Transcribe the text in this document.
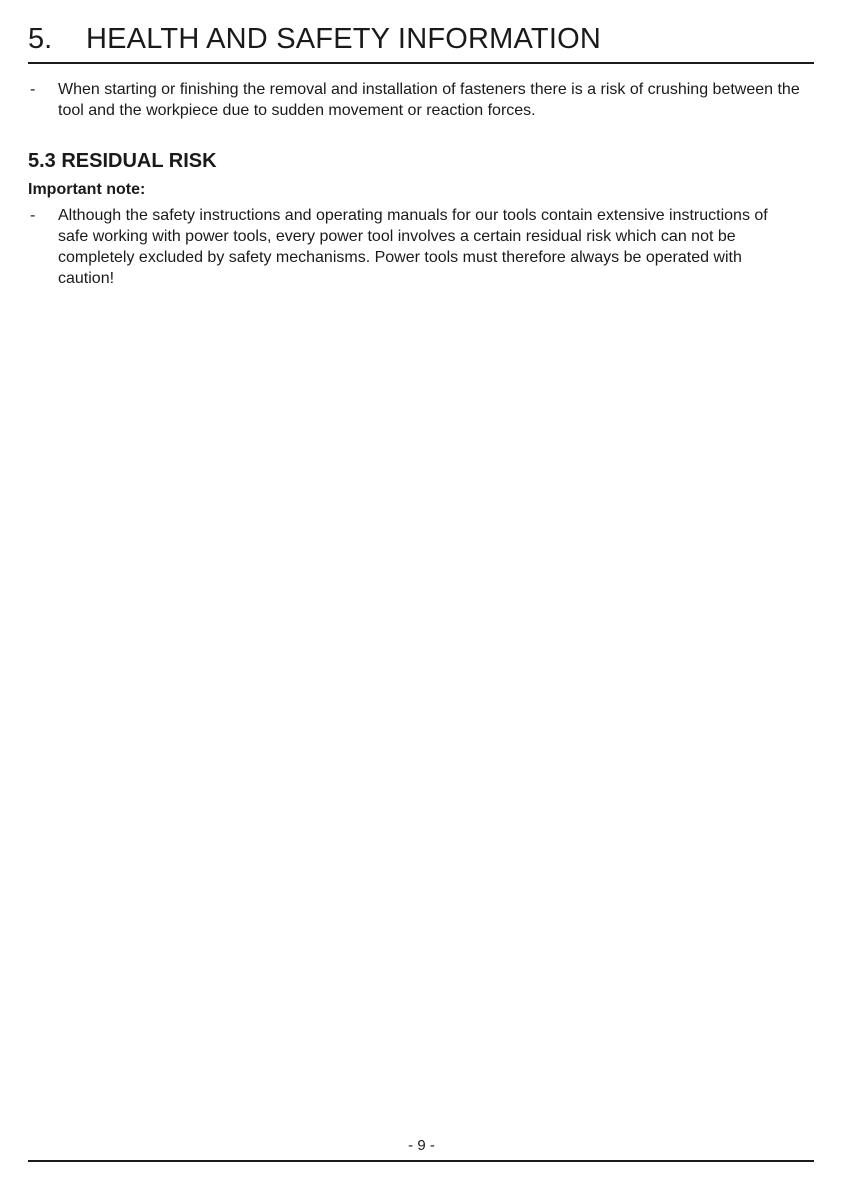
5.	HEALTH AND SAFETY INFORMATION
-	When starting or finishing the removal and installation of fasteners there is a risk of crushing between the tool and the workpiece due to sudden movement or reaction forces.
5.3 RESIDUAL RISK
Important note:
-	Although the safety instructions and operating manuals for our tools contain extensive instructions of safe working with power tools, every power tool involves a certain residual risk which can not be completely excluded by safety mechanisms. Power tools must therefore always be operated with caution!
- 9 -
